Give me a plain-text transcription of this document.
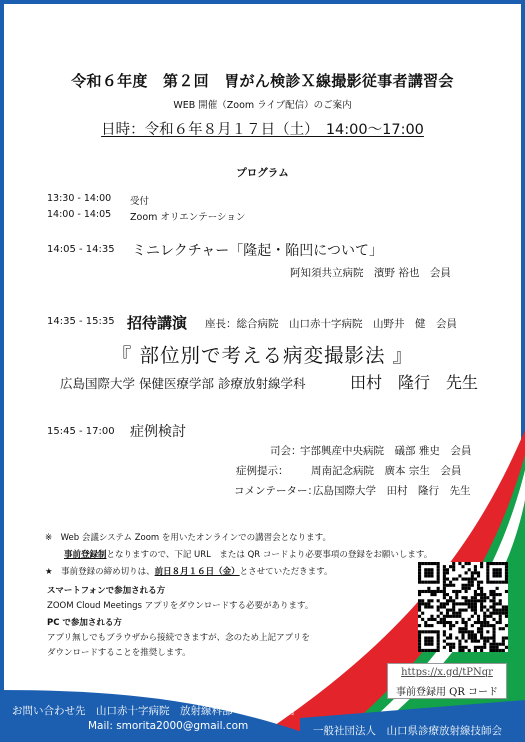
令和６年度　第２回　胃がん検診Ｘ線撮影従事者講習会
WEB 開催（Zoom ライブ配信）のご案内
日時：令和６年８月１７日（土）　14:00～17:00
プログラム
13:30 - 14:00 受付
14:00 - 14:05 Zoom オリエンテーション
14:05 - 14:35 ミニレクチャー「隆起・陥凹について」
阿知須共立病院　濱野 裕也　会員
14:35 - 15:35 招待講演 座長：総合病院　山口赤十字病院　山野井　健　会員
『 部位別で考える病変撮影法 』
広島国際大学 保健医療学部 診療放射線学科	田村　隆行　先生
15:45 - 17:00 症例検討
司会：
宇部興産中央病院　礒部 雅史　会員
症例提示： 周南記念病院　廣本 宗生　会員
コメンテーター：
広島国際大学　田村　隆行　先生
※　Web 会議システム Zoom を用いたオンラインでの講習会となります。
事前登録制となりますので、下記 URL　または QR コードより必要事項の登録をお願いします。
★　事前登録の締め切りは、前日８月１６日（金）とさせていただきます。
スマートフォンで参加される方
ZOOM Cloud Meetings アプリをダウンロードする必要があります。
PC で参加される方
アプリ無しでもブラウザから接続できますが、念のため上記アプリを
ダウンロードすることを推奨します。
https://x.gd/tPNqr
事前登録用 QR コード
お問い合わせ先　山口赤十字病院　放射線科部　森田　慎吾
Mail: smorita2000@gmail.com	一般社団法人　山口県診療放射線技師会
